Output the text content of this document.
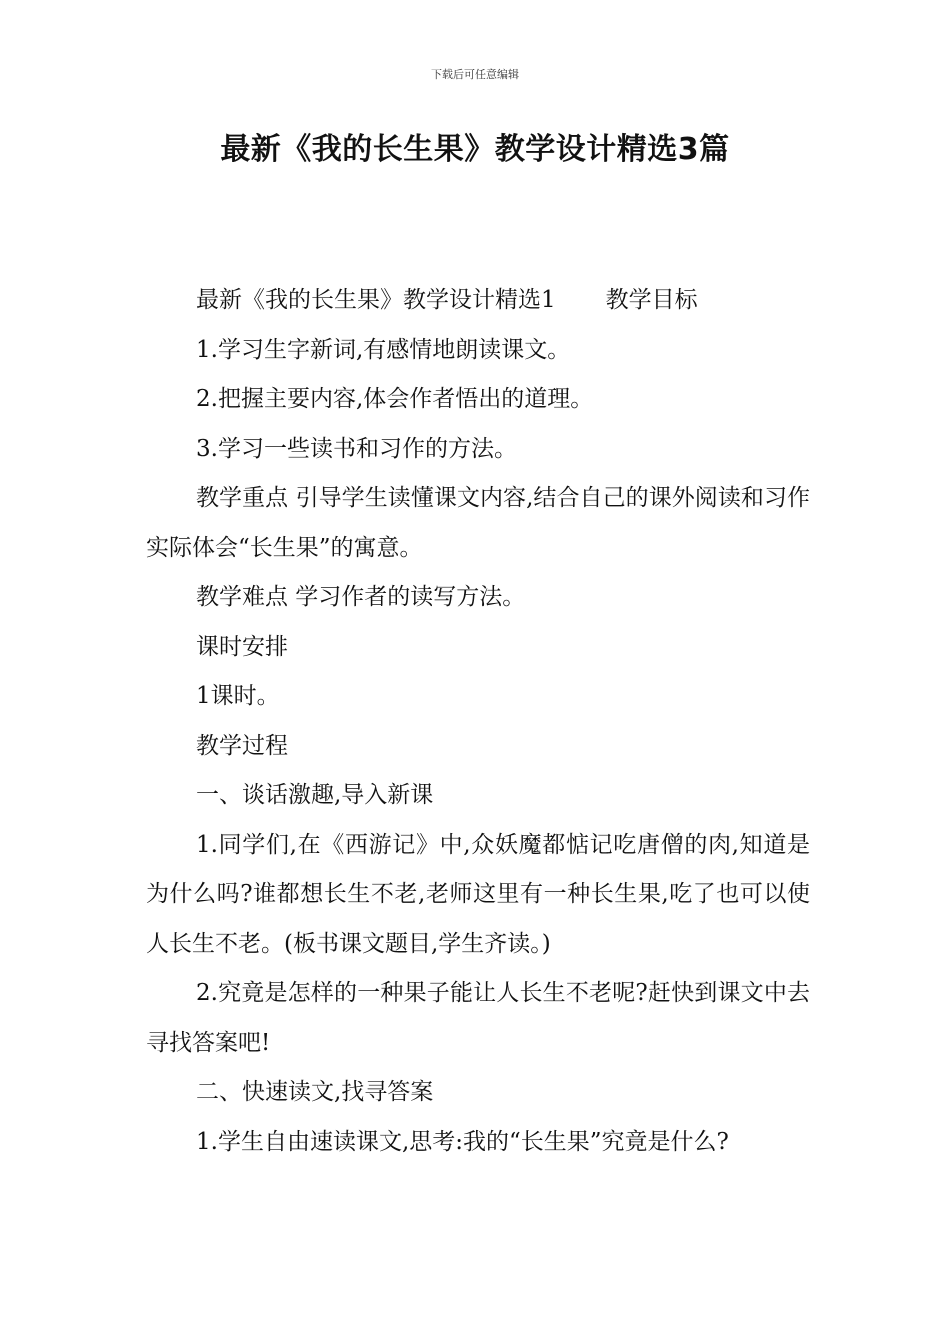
下载后可任意编辑
最新《我的长生果》教学设计精选3篇

最新《我的长生果》教学设计精选1 教学目标

1.学习生字新词,有感情地朗读课文。

2.把握主要内容,体会作者悟出的道理。

3.学习一些读书和习作的方法。

教学重点 引导学生读懂课文内容,结合自己的课外阅读和习作实际体会“长生果”的寓意。

教学难点 学习作者的读写方法。

课时安排

1课时。

教学过程

一、谈话激趣,导入新课

1.同学们,在《西游记》中,众妖魔都惦记吃唐僧的肉,知道是为什么吗?谁都想长生不老,老师这里有一种长生果,吃了也可以使人长生不老。(板书课文题目,学生齐读。)

2.究竟是怎样的一种果子能让人长生不老呢?赶快到课文中去寻找答案吧!

二、快速读文,找寻答案

1.学生自由速读课文,思考:我的“长生果”究竟是什么?
